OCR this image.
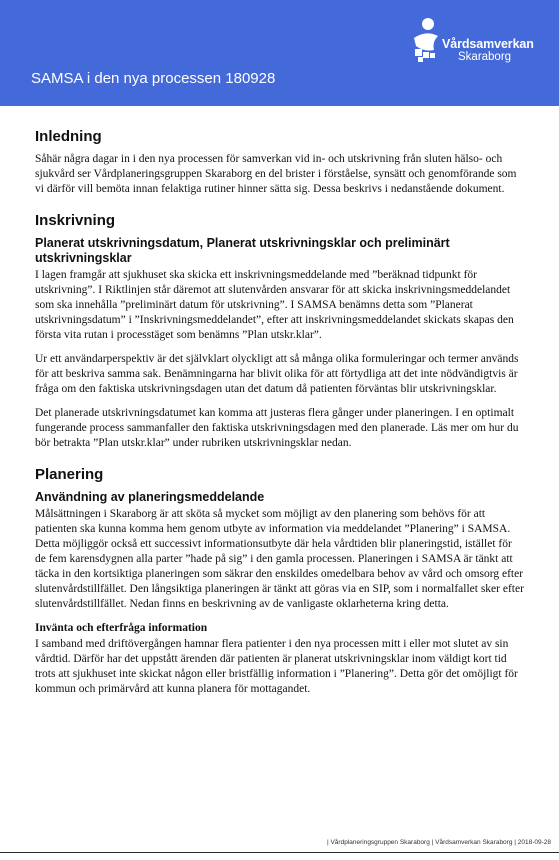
SAMSA i den nya processen 180928
Vårdsamverkan
Skaraborg
Inledning

Såhär några dagar in i den nya processen för samverkan vid in- och utskrivning från sluten hälso- och sjukvård ser Vårdplaneringsgruppen Skaraborg en del brister i förståelse, synsätt och genomförande som vi därför vill bemöta innan felaktiga rutiner hinner sätta sig. Dessa beskrivs i nedanstående dokument.

Inskrivning
Planerat utskrivningsdatum, Planerat utskrivningsklar och preliminärt utskrivningsklar

I lagen framgår att sjukhuset ska skicka ett inskrivningsmeddelande med ”beräknad tidpunkt för utskrivning”. I Riktlinjen står däremot att slutenvården ansvarar för att skicka inskrivningsmeddelandet som ska innehålla ”preliminärt datum för utskrivning”. I SAMSA benämns detta som ”Planerat utskrivningsdatum” i ”Inskrivningsmeddelandet”, efter att inskrivningsmeddelandet skickats skapas den första vita rutan i processtäget som benämns ”Plan utskr.klar”.

Ur ett användarperspektiv är det självklart olyckligt att så många olika formuleringar och termer används för att beskriva samma sak. Benämningarna har blivit olika för att förtydliga att det inte nödvändigtvis är fråga om den faktiska utskrivningsdagen utan det datum då patienten förväntas blir utskrivningsklar.

Det planerade utskrivningsdatumet kan komma att justeras flera gånger under planeringen. I en optimalt fungerande process sammanfaller den faktiska utskrivningsdagen med den planerade. Läs mer om hur du bör betrakta ”Plan utskr.klar” under rubriken utskrivningsklar nedan.

Planering
Användning av planeringsmeddelande

Målsättningen i Skaraborg är att sköta så mycket som möjligt av den planering som behövs för att patienten ska kunna komma hem genom utbyte av information via meddelandet ”Planering” i SAMSA. Detta möjliggör också ett successivt informationsutbyte där hela vårdtiden blir planeringstid, istället för de fem karensdygnen alla parter ”hade på sig” i den gamla processen. Planeringen i SAMSA är tänkt att täcka in den kortsiktiga planeringen som säkrar den enskildes omedelbara behov av vård och omsorg efter slutenvårdstillfället. Den långsiktiga planeringen är tänkt att göras via en SIP, som i normalfallet sker efter slutenvårdstillfället. Nedan finns en beskrivning av de vanligaste oklarheterna kring detta.

Inväntа och efterfråga information

I samband med driftövergången hamnar flera patienter i den nya processen mitt i eller mot slutet av sin vårdtid. Därför har det uppstått ärenden där patienten är planerat utskrivningsklar inom väldigt kort tid trots att sjukhuset inte skickat någon eller bristfällig information i ”Planering”. Detta gör det omöjligt för kommun och primärvård att kunna planera för mottagandet.

| Vårdplaneringsgruppen Skaraborg | Vårdsamverkan Skaraborg | 2018-09-28
